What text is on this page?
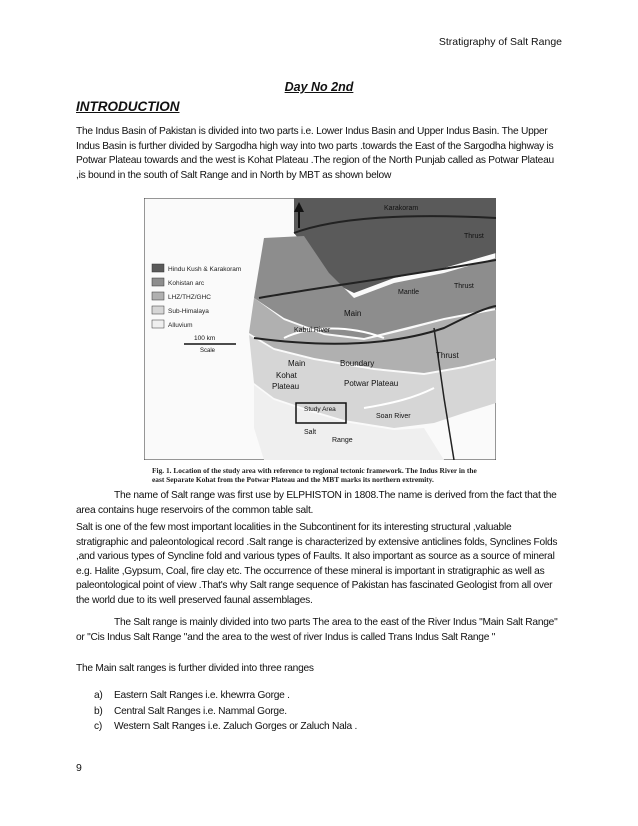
Stratigraphy of Salt Range
Day No 2nd
INTRODUCTION
The Indus Basin of Pakistan is divided into two parts i.e. Lower Indus Basin and Upper Indus Basin. The Upper Indus Basin is further divided by Sargodha high way into two parts .towards the East of the Sargodha highway is Potwar Plateau towards and the west is Kohat Plateau .The region of the North Punjab called as Potwar Plateau ,is bound in the south of Salt Range and in North by MBT as shown below
Hindu Kush & Karakoram
Kohistan arc
LHZ/THZ/GHC
Sub-Himalaya
Alluvium
100 km
Scale
Karakoram
Thrust
Main
Mantle
Thrust
Kabul River
Main
Kohat
Plateau
Boundary
Thrust
Potwar Plateau
Study Area
Soan River
Salt
Range
Fig. 1. Location of the study area with reference to regional tectonic framework. The Indus River in the east Separate Kohat from the Potwar Plateau and the MBT marks its northern extremity.
The name of Salt range was first use by ELPHISTON in 1808.The name is derived from the fact that the area contains huge reservoirs of the common table salt.
Salt is one of the few most important localities in the Subcontinent for its interesting structural ,valuable stratigraphic and paleontological record .Salt range is characterized by extensive anticlines folds, Synclines Folds ,and various types of Syncline fold and various types of Faults. It also important as source as a source of mineral e.g. Halite ,Gypsum, Coal, fire clay etc. The occurrence of these mineral is important in stratigraphic as well as paleontological point of view .That's why Salt range sequence of Pakistan has fascinated Geologist from all over the world due to its well preserved faunal assemblages.
The Salt range is mainly divided into two parts The area to the east of the River Indus "Main Salt Range" or "Cis Indus Salt Range "and the area to the west of river Indus is called Trans Indus Salt Range "
The Main salt ranges is further divided into three ranges
a)	Eastern Salt Ranges i.e. khewrra Gorge .
b)	Central Salt Ranges i.e. Nammal Gorge.
c)	Western Salt Ranges i.e. Zaluch Gorges or Zaluch Nala .
9
